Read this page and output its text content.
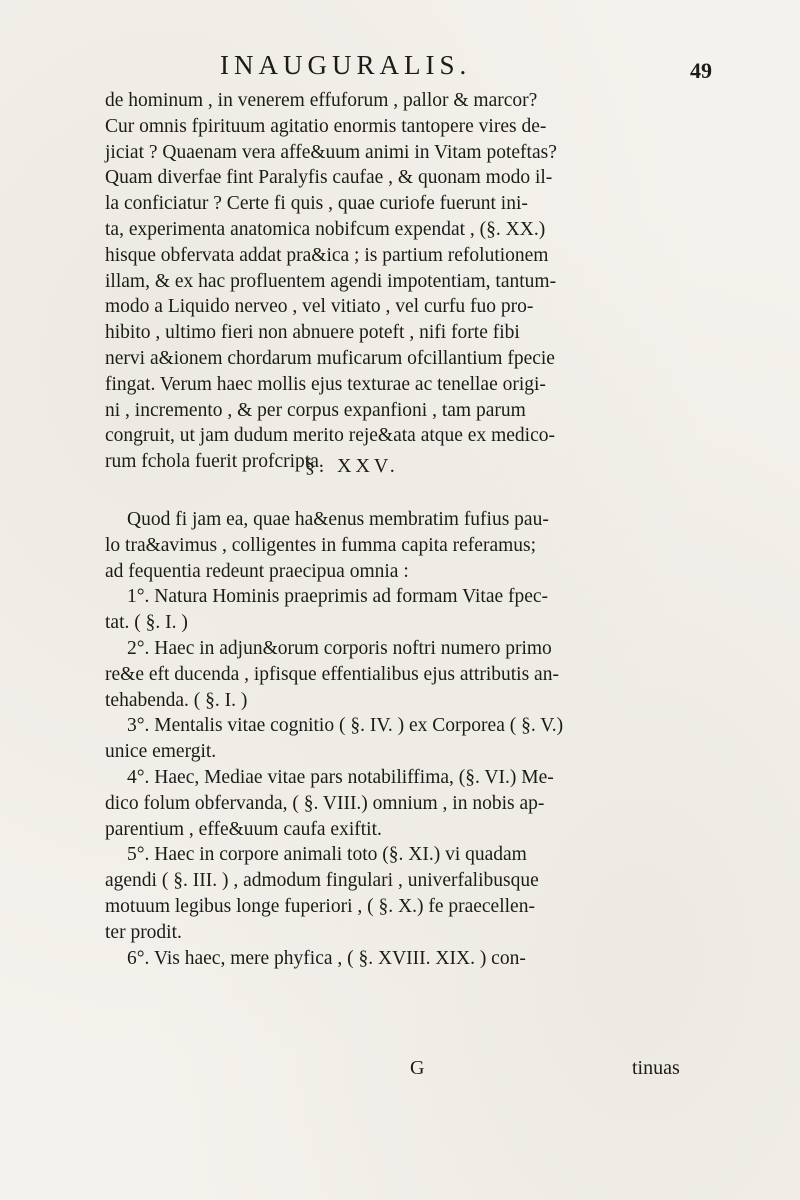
INAUGURALIS.	49
de hominum , in venerem effuforum , pallor & marcor?
Cur omnis fpirituum agitatio enormis tantopere vires de-
jiciat ? Quaenam vera affe&uum animi in Vitam poteftas?
Quam diverfae fint Paralyfis caufae , & quonam modo il-
la conficiatur ? Certe fi quis , quae curiofe fuerunt ini-
ta, experimenta anatomica nobifcum expendat , (§. XX.)
hisque obfervata addat pra&ica ; is partium refolutionem
illam, & ex hac profluentem agendi impotentiam, tantum-
modo a Liquido nerveo , vel vitiato , vel curfu fuo pro-
hibito , ultimo fieri non abnuere poteft , nifi forte fibi
nervi a&ionem chordarum muficarum ofcillantium fpecie
fingat. Verum haec mollis ejus texturae ac tenellae origi-
ni , incremento , & per corpus expanfioni , tam parum
congruit, ut jam dudum merito reje&ata atque ex medico-
rum fchola fuerit profcripta.
§. XXV.
Quod fi jam ea, quae ha&enus membratim fufius pau-
lo tra&avimus , colligentes in fumma capita referamus;
ad fequentia redeunt praecipua omnia :
1°. Natura Hominis praeprimis ad formam Vitae fpec-
tat. ( §. I. )
2°. Haec in adjun&orum corporis noftri numero primo
re&e eft ducenda , ipfisque effentialibus ejus attributis an-
tehabenda. ( §. I. )
3°. Mentalis vitae cognitio ( §. IV. ) ex Corporea ( §. V.)
unice emergit.
4°. Haec, Mediae vitae pars notabiliffima, (§. VI.) Me-
dico folum obfervanda, ( §. VIII.) omnium , in nobis ap-
parentium , effe&uum caufa exiftit.
5°. Haec in corpore animali toto (§. XI.) vi quadam
agendi ( §. III. ) , admodum fingulari , univerfalibusque
motuum legibus longe fuperiori , ( §. X.) fe praecellen-
ter prodit.
6°. Vis haec, mere phyfica , ( §. XVIII. XIX. ) con-
G	tinuas
